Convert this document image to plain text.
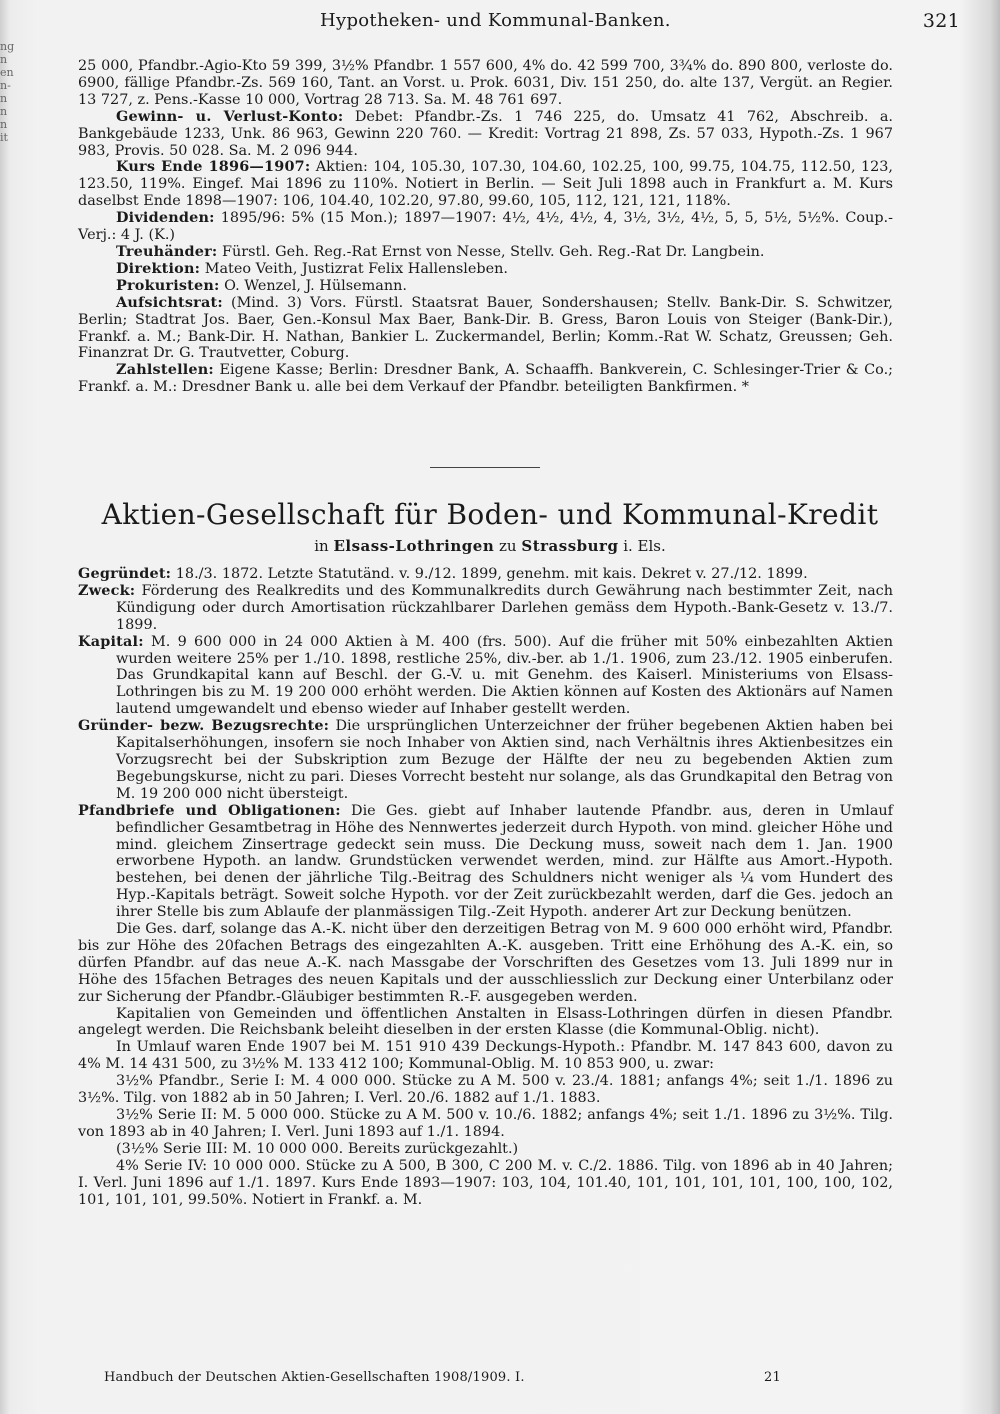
ng
n
en
n-
n
n
n
it
Hypotheken- und Kommunal-Banken.	321

25 000, Pfandbr.-Agio-Kto 59 399, 3½% Pfandbr. 1 557 600, 4% do. 42 599 700, 3¾% do. 890 800, verloste do. 6900, fällige Pfandbr.-Zs. 569 160, Tant. an Vorst. u. Prok. 6031, Div. 151 250, do. alte 137, Vergüt. an Regier. 13 727, z. Pens.-Kasse 10 000, Vortrag 28 713. Sa. M. 48 761 697.

Gewinn- u. Verlust-Konto: Debet: Pfandbr.-Zs. 1 746 225, do. Umsatz 41 762, Abschreib. a. Bankgebäude 1233, Unk. 86 963, Gewinn 220 760. — Kredit: Vortrag 21 898, Zs. 57 033, Hypoth.-Zs. 1 967 983, Provis. 50 028. Sa. M. 2 096 944.

Kurs Ende 1896—1907: Aktien: 104, 105.30, 107.30, 104.60, 102.25, 100, 99.75, 104.75, 112.50, 123, 123.50, 119%. Eingef. Mai 1896 zu 110%. Notiert in Berlin. — Seit Juli 1898 auch in Frankfurt a. M. Kurs daselbst Ende 1898—1907: 106, 104.40, 102.20, 97.80, 99.60, 105, 112, 121, 121, 118%.

Dividenden: 1895/96: 5% (15 Mon.); 1897—1907: 4½, 4½, 4½, 4, 3½, 3½, 4½, 5, 5, 5½, 5½%. Coup.-Verj.: 4 J. (K.)

Treuhänder: Fürstl. Geh. Reg.-Rat Ernst von Nesse, Stellv. Geh. Reg.-Rat Dr. Langbein.

Direktion: Mateo Veith, Justizrat Felix Hallensleben.

Prokuristen: O. Wenzel, J. Hülsemann.

Aufsichtsrat: (Mind. 3) Vors. Fürstl. Staatsrat Bauer, Sondershausen; Stellv. Bank-Dir. S. Schwitzer, Berlin; Stadtrat Jos. Baer, Gen.-Konsul Max Baer, Bank-Dir. B. Gress, Baron Louis von Steiger (Bank-Dir.), Frankf. a. M.; Bank-Dir. H. Nathan, Bankier L. Zuckermandel, Berlin; Komm.-Rat W. Schatz, Greussen; Geh. Finanzrat Dr. G. Trautvetter, Coburg.

Zahlstellen: Eigene Kasse; Berlin: Dresdner Bank, A. Schaaffh. Bankverein, C. Schlesinger-Trier & Co.; Frankf. a. M.: Dresdner Bank u. alle bei dem Verkauf der Pfandbr. beteiligten Bankfirmen. *

Aktien-Gesellschaft für Boden- und Kommunal-Kredit
in Elsass-Lothringen zu Strassburg i. Els.

Gegründet: 18./3. 1872. Letzte Statutänd. v. 9./12. 1899, genehm. mit kais. Dekret v. 27./12. 1899.

Zweck: Förderung des Realkredits und des Kommunalkredits durch Gewährung nach bestimmter Zeit, nach Kündigung oder durch Amortisation rückzahlbarer Darlehen gemäss dem Hypoth.-Bank-Gesetz v. 13./7. 1899.

Kapital: M. 9 600 000 in 24 000 Aktien à M. 400 (frs. 500). Auf die früher mit 50% einbezahlten Aktien wurden weitere 25% per 1./10. 1898, restliche 25%, div.-ber. ab 1./1. 1906, zum 23./12. 1905 einberufen. Das Grundkapital kann auf Beschl. der G.-V. u. mit Genehm. des Kaiserl. Ministeriums von Elsass-Lothringen bis zu M. 19 200 000 erhöht werden. Die Aktien können auf Kosten des Aktionärs auf Namen lautend umgewandelt und ebenso wieder auf Inhaber gestellt werden.

Gründer- bezw. Bezugsrechte: Die ursprünglichen Unterzeichner der früher begebenen Aktien haben bei Kapitalserhöhungen, insofern sie noch Inhaber von Aktien sind, nach Verhältnis ihres Aktienbesitzes ein Vorzugsrecht bei der Subskription zum Bezuge der Hälfte der neu zu begebenden Aktien zum Begebungskurse, nicht zu pari. Dieses Vorrecht besteht nur solange, als das Grundkapital den Betrag von M. 19 200 000 nicht übersteigt.

Pfandbriefe und Obligationen: Die Ges. giebt auf Inhaber lautende Pfandbr. aus, deren in Umlauf befindlicher Gesamtbetrag in Höhe des Nennwertes jederzeit durch Hypoth. von mind. gleicher Höhe und mind. gleichem Zinsertrage gedeckt sein muss. Die Deckung muss, soweit nach dem 1. Jan. 1900 erworbene Hypoth. an landw. Grundstücken verwendet werden, mind. zur Hälfte aus Amort.-Hypoth. bestehen, bei denen der jährliche Tilg.-Beitrag des Schuldners nicht weniger als ¼ vom Hundert des Hyp.-Kapitals beträgt. Soweit solche Hypoth. vor der Zeit zurückbezahlt werden, darf die Ges. jedoch an ihrer Stelle bis zum Ablaufe der planmässigen Tilg.-Zeit Hypoth. anderer Art zur Deckung benützen.

Die Ges. darf, solange das A.-K. nicht über den derzeitigen Betrag von M. 9 600 000 erhöht wird, Pfandbr. bis zur Höhe des 20fachen Betrags des eingezahlten A.-K. ausgeben. Tritt eine Erhöhung des A.-K. ein, so dürfen Pfandbr. auf das neue A.-K. nach Massgabe der Vorschriften des Gesetzes vom 13. Juli 1899 nur in Höhe des 15fachen Betrages des neuen Kapitals und der ausschliesslich zur Deckung einer Unterbilanz oder zur Sicherung der Pfandbr.-Gläubiger bestimmten R.-F. ausgegeben werden.

Kapitalien von Gemeinden und öffentlichen Anstalten in Elsass-Lothringen dürfen in diesen Pfandbr. angelegt werden. Die Reichsbank beleiht dieselben in der ersten Klasse (die Kommunal-Oblig. nicht).

In Umlauf waren Ende 1907 bei M. 151 910 439 Deckungs-Hypoth.: Pfandbr. M. 147 843 600, davon zu 4% M. 14 431 500, zu 3½% M. 133 412 100; Kommunal-Oblig. M. 10 853 900, u. zwar:

3½% Pfandbr., Serie I: M. 4 000 000. Stücke zu A M. 500 v. 23./4. 1881; anfangs 4%; seit 1./1. 1896 zu 3½%. Tilg. von 1882 ab in 50 Jahren; I. Verl. 20./6. 1882 auf 1./1. 1883.

3½% Serie II: M. 5 000 000. Stücke zu A M. 500 v. 10./6. 1882; anfangs 4%; seit 1./1. 1896 zu 3½%. Tilg. von 1893 ab in 40 Jahren; I. Verl. Juni 1893 auf 1./1. 1894.

(3½% Serie III: M. 10 000 000. Bereits zurückgezahlt.)

4% Serie IV: 10 000 000. Stücke zu A 500, B 300, C 200 M. v. C./2. 1886. Tilg. von 1896 ab in 40 Jahren; I. Verl. Juni 1896 auf 1./1. 1897. Kurs Ende 1893—1907: 103, 104, 101.40, 101, 101, 101, 101, 100, 100, 102, 101, 101, 101, 99.50%. Notiert in Frankf. a. M.

Handbuch der Deutschen Aktien-Gesellschaften 1908/1909. I.	21
